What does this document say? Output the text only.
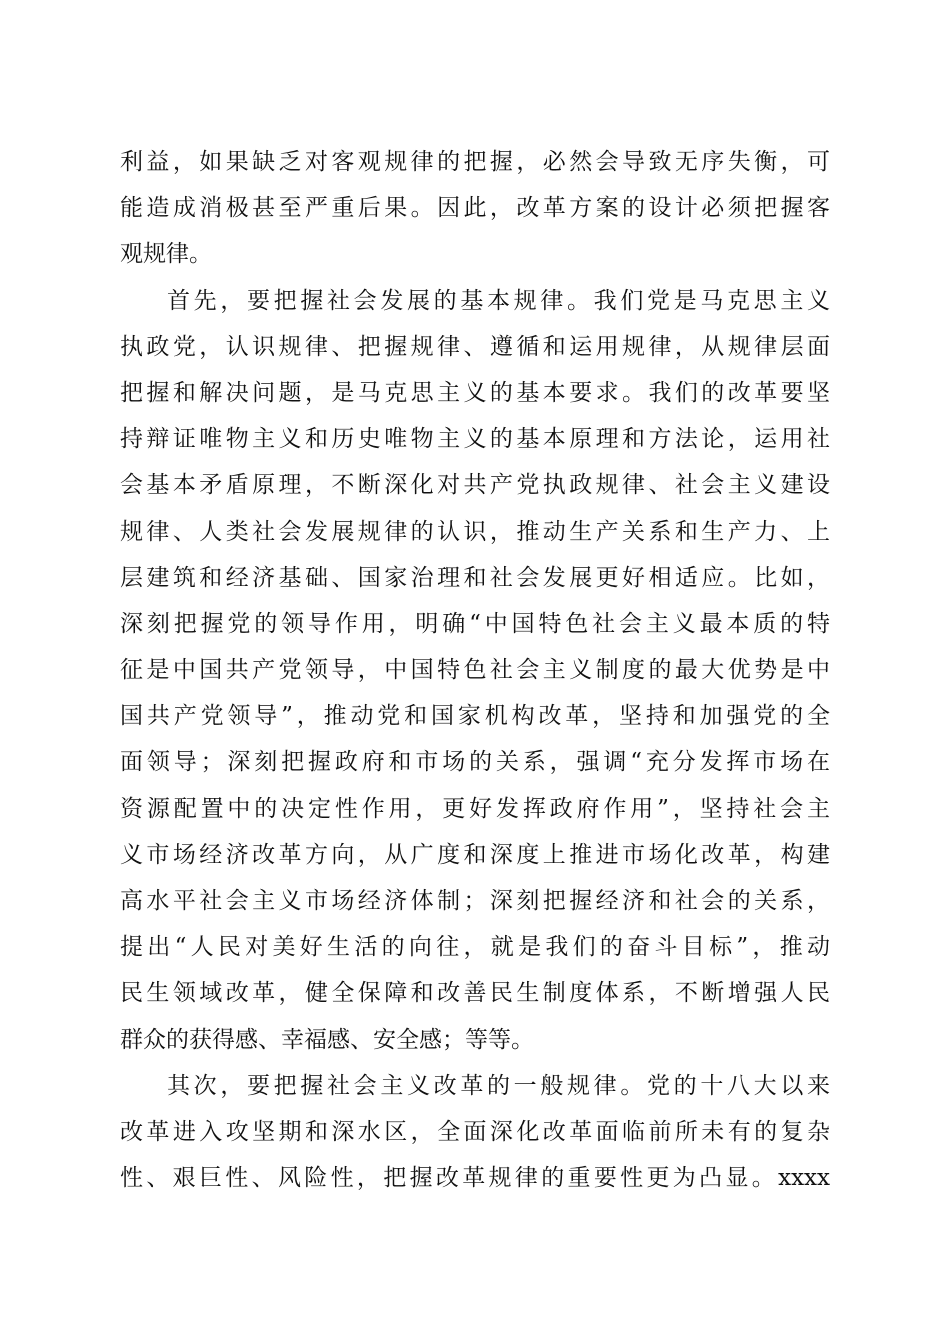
利益，如果缺乏对客观规律的把握，必然会导致无序失衡，可
能造成消极甚至严重后果。因此，改革方案的设计必须把握客
观规律。
首先，要把握社会发展的基本规律。我们党是马克思主义
执政党，认识规律、把握规律、遵循和运用规律，从规律层面
把握和解决问题，是马克思主义的基本要求。我们的改革要坚
持辩证唯物主义和历史唯物主义的基本原理和方法论，运用社
会基本矛盾原理，不断深化对共产党执政规律、社会主义建设
规律、人类社会发展规律的认识，推动生产关系和生产力、上
层建筑和经济基础、国家治理和社会发展更好相适应。比如，
深刻把握党的领导作用，明确“中国特色社会主义最本质的特
征是中国共产党领导，中国特色社会主义制度的最大优势是中
国共产党领导”，推动党和国家机构改革，坚持和加强党的全
面领导；深刻把握政府和市场的关系，强调“充分发挥市场在
资源配置中的决定性作用，更好发挥政府作用”，坚持社会主
义市场经济改革方向，从广度和深度上推进市场化改革，构建
高水平社会主义市场经济体制；深刻把握经济和社会的关系，
提出“人民对美好生活的向往，就是我们的奋斗目标”，推动
民生领域改革，健全保障和改善民生制度体系，不断增强人民
群众的获得感、幸福感、安全感；等等。
其次，要把握社会主义改革的一般规律。党的十八大以来
改革进入攻坚期和深水区，全面深化改革面临前所未有的复杂
性、艰巨性、风险性，把握改革规律的重要性更为凸显。xxxx
